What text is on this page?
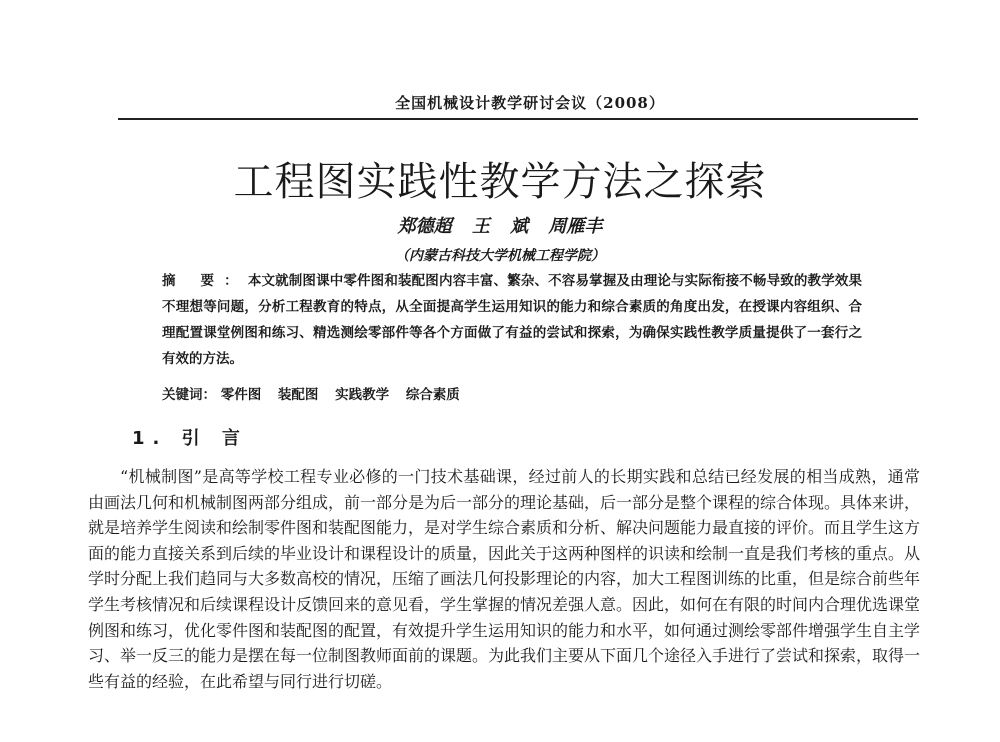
全国机械设计教学研讨会议（2008）
工程图实践性教学方法之探索
郑德超 王 斌 周雁丰
（内蒙古科技大学机械工程学院）
摘 要：本文就制图课中零件图和装配图内容丰富、繁杂、不容易掌握及由理论与实际衔接不畅导致的教学效果不理想等问题，分析工程教育的特点，从全面提高学生运用知识的能力和综合素质的角度出发，在授课内容组织、合理配置课堂例图和练习、精选测绘零部件等各个方面做了有益的尝试和探索，为确保实践性教学质量提供了一套行之有效的方法。
关键词： 零件图 装配图 实践教学 综合素质
1. 引 言
“机械制图”是高等学校工程专业必修的一门技术基础课，经过前人的长期实践和总结已经发展的相当成熟，通常由画法几何和机械制图两部分组成，前一部分是为后一部分的理论基础，后一部分是整个课程的综合体现。具体来讲，就是培养学生阅读和绘制零件图和装配图能力，是对学生综合素质和分析、解决问题能力最直接的评价。而且学生这方面的能力直接关系到后续的毕业设计和课程设计的质量，因此关于这两种图样的识读和绘制一直是我们考核的重点。从学时分配上我们趋同与大多数高校的情况，压缩了画法几何投影理论的内容，加大工程图训练的比重，但是综合前些年学生考核情况和后续课程设计反馈回来的意见看，学生掌握的情况差强人意。因此，如何在有限的时间内合理优选课堂例图和练习，优化零件图和装配图的配置，有效提升学生运用知识的能力和水平，如何通过测绘零部件增强学生自主学习、举一反三的能力是摆在每一位制图教师面前的课题。为此我们主要从下面几个途径入手进行了尝试和探索，取得一些有益的经验，在此希望与同行进行切磋。
